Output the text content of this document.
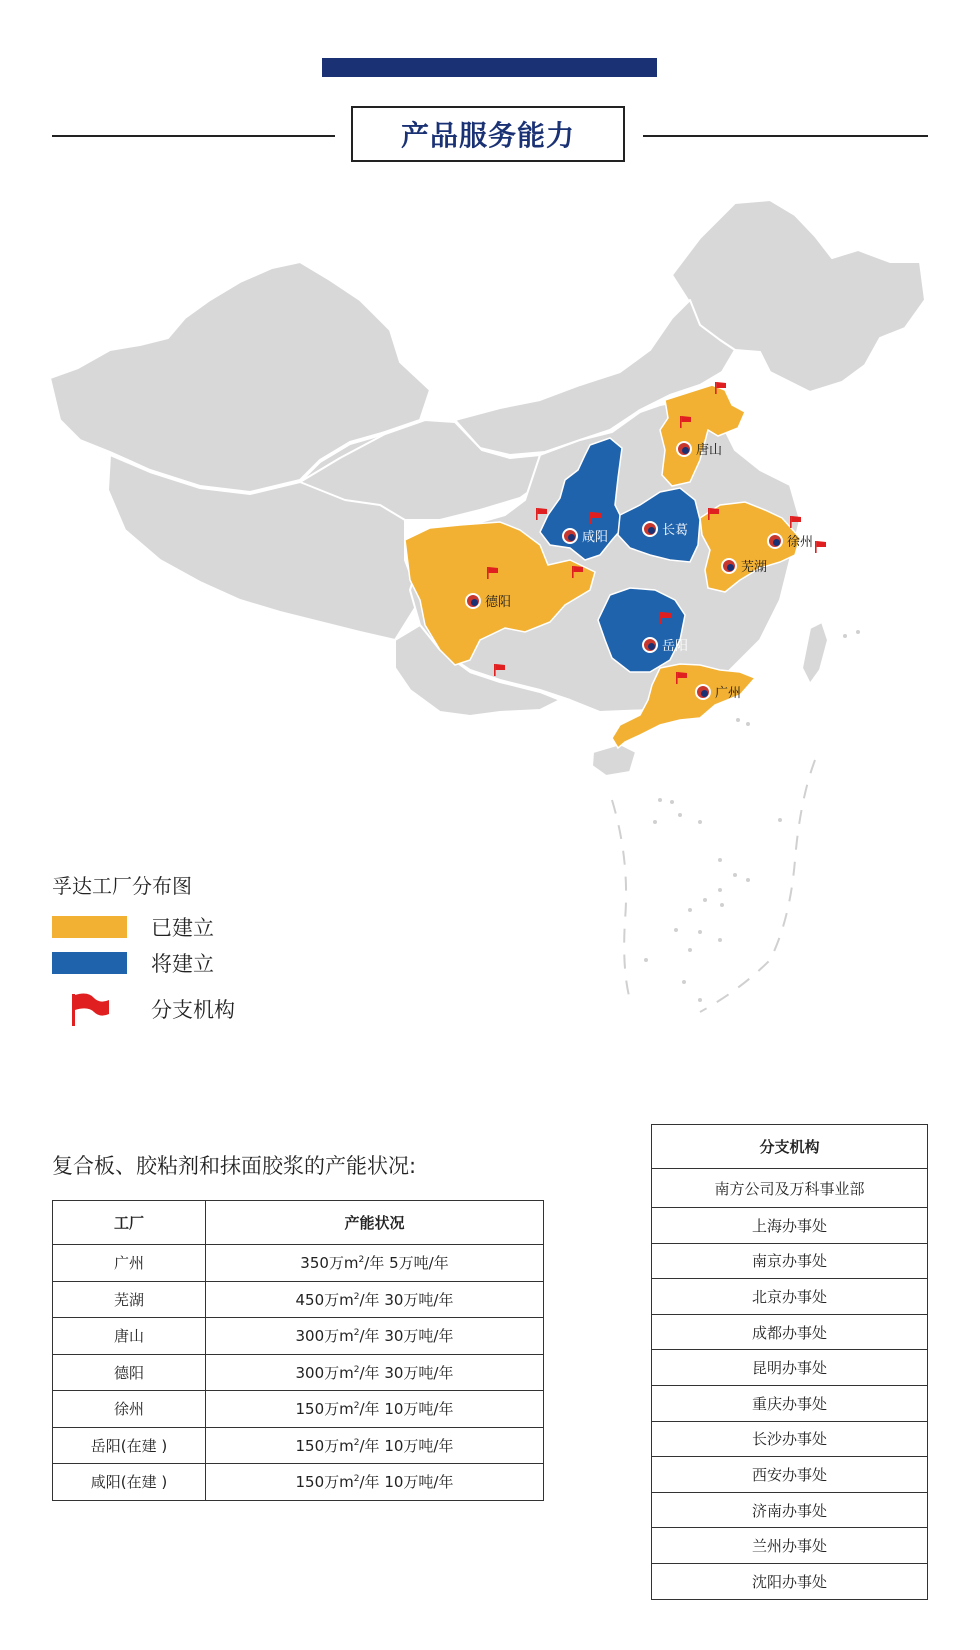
产品服务能力
唐山
长葛
咸阳	徐州
芜湖
德阳
岳阳
广州
孚达工厂分布图
已建立
将建立
分支机构
复合板、胶粘剂和抹面胶浆的产能状况:
工厂	产能状况
广州	350万$m^2/$年 5万吨/年
芜湖	450万$m^2/$年 30万吨/年
唐山	300万$m^2/$年 30万吨/年
德阳	300万$m^2/$年 30万吨/年
徐州	150万$m^2/$年 10万吨/年
岳阳(在建 )	150万$m^2/$年 10万吨/年
咸阳(在建 )	150万$m^2/$年 10万吨/年
分支机构
南方公司及万科事业部
上海办事处
南京办事处
北京办事处
成都办事处
昆明办事处
重庆办事处
长沙办事处
西安办事处
济南办事处
兰州办事处
沈阳办事处
